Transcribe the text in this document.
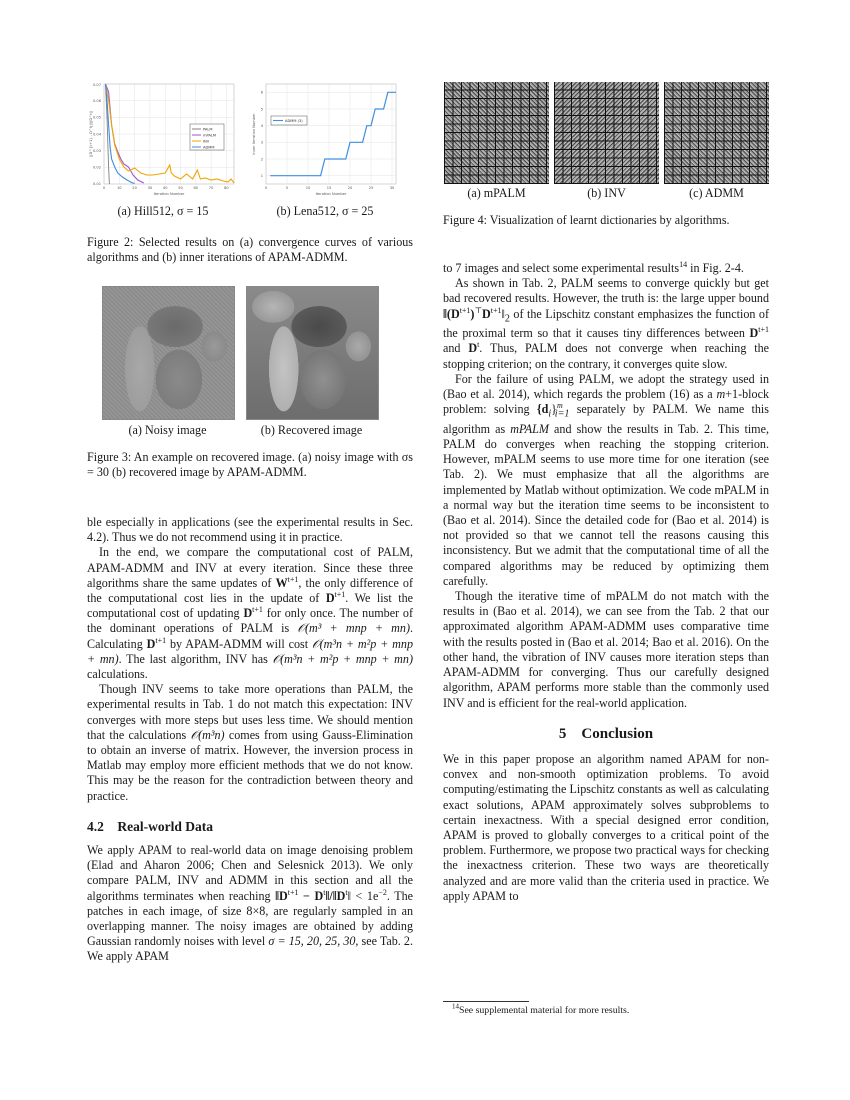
0.01
0.02
0.03
0.04
0.05
0.06
0.07
0	10	20	30	40	50	60	70	80
Iteration Number
||D^{t+1} - D^t||/||D^t||	PALM
mPALM
INV
ADMM
1
2
3
4
5
6
0	5	10	15	20	25	30
Iteration Number
Inner Iteration Number	ADMM (3)
(a) Hill512, σ = 15	(b) Lena512, σ = 25
Figure 2: Selected results on (a) convergence curves of various algorithms and (b) inner iterations of APAM-ADMM.
(a) Noisy image	(b) Recovered image
Figure 3: An example on recovered image. (a) noisy image with σs = 30 (b) recovered image by APAM-ADMM.

ble especially in applications (see the experimental results in Sec. 4.2). Thus we do not recommend using it in practice.

In the end, we compare the computational cost of PALM, APAM-ADMM and INV at every iteration. Since these three algorithms share the same updates of $W^{t+1}$, the only difference of the computational cost lies in the update of $D^{t+1}$. We list the computational cost of updating $D^{t+1}$ for only once. The number of the dominant operations of PALM is 𝒪(m³ + mnp + mn). Calculating $D^{t+1}$ by APAM-ADMM will cost 𝒪(m³n + m²p + mnp + mn). The last algorithm, INV has 𝒪(m³n + m²p + mnp + mn) calculations.

Though INV seems to take more operations than PALM, the experimental results in Tab. 1 do not match this expectation: INV converges with more steps but uses less time. We should mention that the calculations 𝒪(m³n) comes from using Gauss-Elimination to obtain an inverse of matrix. However, the inversion process in Matlab may employ more efficient methods that we do not know. This may be the reason for the contradiction between theory and practice.

4.2 Real-world Data

We apply APAM to real-world data on image denoising problem (Elad and Aharon 2006; Chen and Selesnick 2013). We only compare PALM, INV and ADMM in this section and all the algorithms terminates when reaching $‖D^{t+1}$ − $D^t‖/‖D^t‖ < 1e^{-2}$. The patches in each image, of size 8×8, are regularly sampled in an overlapping manner. The noisy images are obtained by adding Gaussian randomly noises with level σ = 15, 20, 25, 30, see Tab. 2. We apply APAM

(a) mPALM	(b) INV	(c) ADMM
Figure 4: Visualization of learnt dictionaries by algorithms.

to 7 images and select some experimental results$^{14}$ in Fig. 2-4.

As shown in Tab. 2, PALM seems to converge quickly but get bad recovered results. However, the truth is: the large upper bound $‖(D^{t+1})^⊤D^{t+1}‖_2$ of the Lipschitz constant emphasizes the function of the proximal term so that it causes tiny differences between $D^{t+1}$ and $D^t$. Thus, PALM does not converge when reaching the stopping criterion; on the contrary, it converges quite slow.

For the failure of using PALM, we adopt the strategy used in (Bao et al. 2014), which regards the problem (16) as a m+1-block problem: solving $\{d_i\}^m_{i=1}$ separately by PALM. We name this algorithm as mPALM and show the results in Tab. 2. This time, PALM do converges when reaching the stopping criterion. However, mPALM seems to use more time for one iteration (see Tab. 2). We must emphasize that all the algorithms are implemented by Matlab without optimization. We code mPALM in a normal way but the iteration time seems to be inconsistent to (Bao et al. 2014). Since the detailed code for (Bao et al. 2014) is not provided so that we cannot tell the reasons causing this inconsistency. But we admit that the computational time of all the compared algorithms may be reduced by optimizing them carefully.

Though the iterative time of mPALM do not match with the results in (Bao et al. 2014), we can see from the Tab. 2 that our approximated algorithm APAM-ADMM uses comparative time with the results posted in (Bao et al. 2014; Bao et al. 2016). On the other hand, the vibration of INV causes more iteration steps than APAM-ADMM for converging. Thus our carefully designed algorithm, APAM performs more stable than the commonly used INV and is efficient for the real-world application.

5 Conclusion

We in this paper propose an algorithm named APAM for non-convex and non-smooth optimization problems. To avoid computing/estimating the Lipschitz constants as well as calculating exact solutions, APAM approximately solves subproblems to certain inexactness. With a special designed error condition, APAM is proved to globally converges to a critical point of the problem. Furthermore, we propose two practical ways for checking the inexactness criterion. These two ways are theoretically analyzed and are more valid than the criteria used in practice. We apply APAM to

$^{14}$See supplemental material for more results.
